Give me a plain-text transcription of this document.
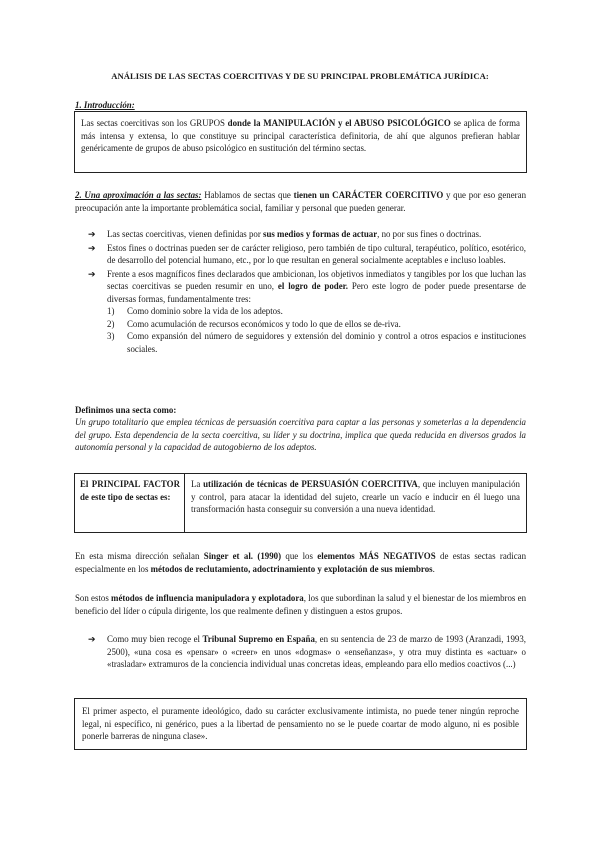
ANÁLISIS DE LAS SECTAS COERCITIVAS Y DE SU PRINCIPAL PROBLEMÁTICA JURÍDICA:
1. Introducción:
Las sectas coercitivas son los GRUPOS donde la MANIPULACIÓN y el ABUSO PSICOLÓGICO se aplica de forma más intensa y extensa, lo que constituye su principal característica definitoria, de ahí que algunos prefieran hablar genéricamente de grupos de abuso psicológico en sustitución del término sectas.
2. Una aproximación a las sectas: Hablamos de sectas que tienen un CARÁCTER COERCITIVO y que por eso generan preocupación ante la importante problemática social, familiar y personal que pueden generar.
➔ Las sectas coercitivas, vienen definidas por sus medios y formas de actuar, no por sus fines o doctrinas.
➔ Estos fines o doctrinas pueden ser de carácter religioso, pero también de tipo cultural, terapéutico, político, esotérico, de desarrollo del potencial humano, etc., por lo que resultan en general socialmente aceptables e incluso loables.
➔ Frente a esos magníficos fines declarados que ambicionan, los objetivos inmediatos y tangibles por los que luchan las sectas coercitivas se pueden resumir en uno, el logro de poder. Pero este logro de poder puede presentarse de diversas formas, fundamentalmente tres:
1) Como dominio sobre la vida de los adeptos.
2) Como acumulación de recursos económicos y todo lo que de ellos se de-riva.
3) Como expansión del número de seguidores y extensión del dominio y control a otros espacios e instituciones sociales.
Definimos una secta como:
Un grupo totalitario que emplea técnicas de persuasión coercitiva para captar a las personas y someterlas a la dependencia del grupo. Esta dependencia de la secta coercitiva, su líder y su doctrina, implica que queda reducida en diversos grados la autonomía personal y la capacidad de autogobierno de los adeptos.
El PRINCIPAL FACTOR de este tipo de sectas es:
La utilización de técnicas de PERSUASIÓN COERCITIVA, que incluyen manipulación y control, para atacar la identidad del sujeto, crearle un vacío e inducir en él luego una transformación hasta conseguir su conversión a una nueva identidad.
En esta misma dirección señalan Singer et al. (1990) que los elementos MÁS NEGATIVOS de estas sectas radican especialmente en los métodos de reclutamiento, adoctrinamiento y explotación de sus miembros.
Son estos métodos de influencia manipuladora y explotadora, los que subordinan la salud y el bienestar de los miembros en beneficio del líder o cúpula dirigente, los que realmente definen y distinguen a estos grupos.
➔ Como muy bien recoge el Tribunal Supremo en España, en su sentencia de 23 de marzo de 1993 (Aranzadi, 1993, 2500), «una cosa es «pensar» o «creer» en unos «dogmas» o «enseñanzas», y otra muy distinta es «actuar» o «trasladar» extramuros de la conciencia individual unas concretas ideas, empleando para ello medios coactivos (...)
El primer aspecto, el puramente ideológico, dado su carácter exclusivamente intimista, no puede tener ningún reproche legal, ni específico, ni genérico, pues a la libertad de pensamiento no se le puede coartar de modo alguno, ni es posible ponerle barreras de ninguna clase».
